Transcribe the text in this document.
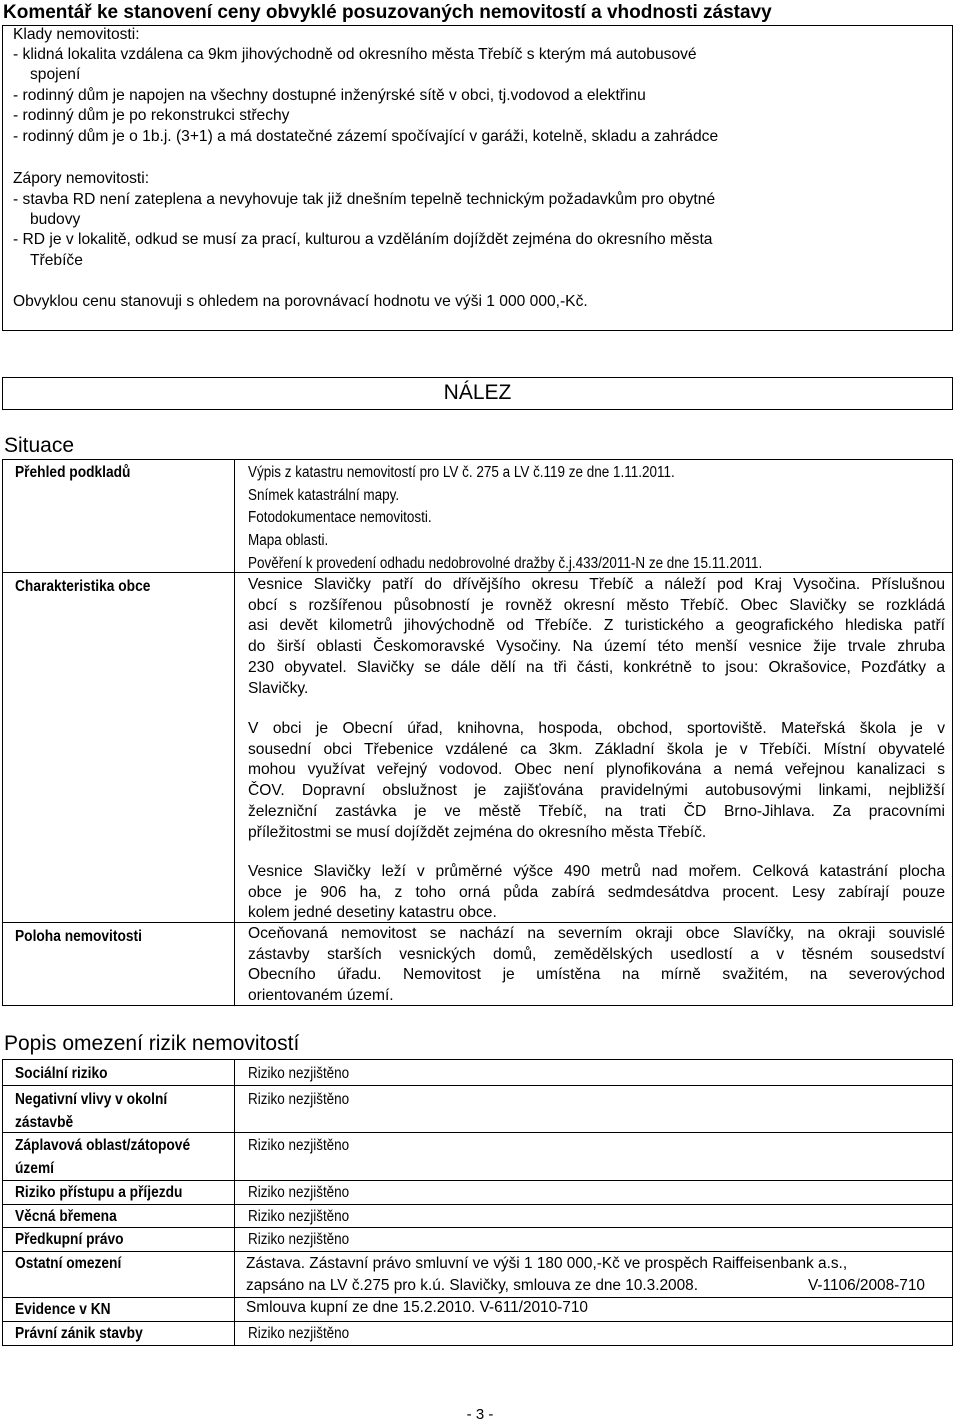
Komentář ke stanovení ceny obvyklé posuzovaných nemovitostí a vhodnosti zástavy
Klady nemovitosti:
- klidná lokalita vzdálena ca 9km jihovýchodně od okresního města Třebíč s kterým má autobusové
spojení
- rodinný dům je napojen na všechny dostupné inženýrské sítě v obci, tj.vodovod a elektřinu
- rodinný dům je po rekonstrukci střechy
- rodinný dům je o 1b.j. (3+1) a má dostatečné zázemí spočívající v garáži, kotelně, skladu a zahrádce
Zápory nemovitosti:
- stavba RD není zateplena a nevyhovuje tak již dnešním tepelně technickým požadavkům pro obytné
budovy
- RD je v lokalitě, odkud se musí za prací, kulturou a vzděláním dojíždět zejména do okresního města
Třebíče
Obvyklou cenu stanovuji s ohledem na porovnávací hodnotu ve výši 1 000 000,-Kč.
NÁLEZ
Situace
Přehled podkladů	Výpis z katastru nemovitostí pro LV č. 275 a LV č.119 ze dne 1.11.2011.
Snímek katastrální mapy.
Fotodokumentace nemovitosti.
Mapa oblasti.
Pověření k provedení odhadu nedobrovolné dražby č.j.433/2011-N ze dne 15.11.2011.
Charakteristika obce	Vesnice Slavičky patří do dřívějšího okresu Třebíč a náleží pod Kraj Vysočina. Příslušnou
obcí s rozšířenou působností je rovněž okresní město Třebíč. Obec Slavičky se rozkládá
asi devět kilometrů jihovýchodně od Třebíče. Z turistického a geografického hlediska patří
do širší oblasti Českomoravské Vysočiny. Na území této menší vesnice žije trvale zhruba
230 obyvatel. Slavičky se dále dělí na tři části, konkrétně to jsou: Okrašovice, Pozďátky a
Slavičky.
V obci je Obecní úřad, knihovna, hospoda, obchod, sportoviště. Mateřská škola je v
sousední obci Třebenice vzdálené ca 3km. Základní škola je v Třebíči. Místní obyvatelé
mohou využívat veřejný vodovod. Obec není plynofikována a nemá veřejnou kanalizaci s
ČOV. Dopravní obslužnost je zajišťována pravidelnými autobusovými linkami, nejbližší
železniční zastávka je ve městě Třebíč, na trati ČD Brno-Jihlava. Za pracovními
příležitostmi se musí dojíždět zejména do okresního města Třebíč.
Vesnice Slavičky leží v průměrné výšce 490 metrů nad mořem. Celková katastrání plocha
obce je 906 ha, z toho orná půda zabírá sedmdesátdva procent. Lesy zabírají pouze
kolem jedné desetiny katastru obce.
Poloha nemovitosti	Oceňovaná nemovitost se nachází na severním okraji obce Slavíčky, na okraji souvislé
zástavby starších vesnických domů, zemědělských usedlostí a v těsném sousedství
Obecního úřadu. Nemovitost je umístěna na mírně svažitém, na severovýchod
orientovaném území.
Popis omezení rizik nemovitostí
Sociální riziko	Riziko nezjištěno
Negativní vlivy v okolní
zástavbě
Riziko nezjištěno
Záplavová oblast/zátopové
území
Riziko nezjištěno
Riziko přístupu a příjezdu	Riziko nezjištěno
Věcná břemena	Riziko nezjištěno
Předkupní právo	Riziko nezjištěno
Ostatní omezení	Zástava. Zástavní právo smluvní ve výši 1 180 000,-Kč ve prospěch Raiffeisenbank a.s.,
zapsáno na LV č.275 pro k.ú. Slavičky, smlouva ze dne 10.3.2008.	V-1106/2008-710
Evidence v KN	Smlouva kupní ze dne 15.2.2010. V-611/2010-710
Právní zánik stavby	Riziko nezjištěno
- 3 -
